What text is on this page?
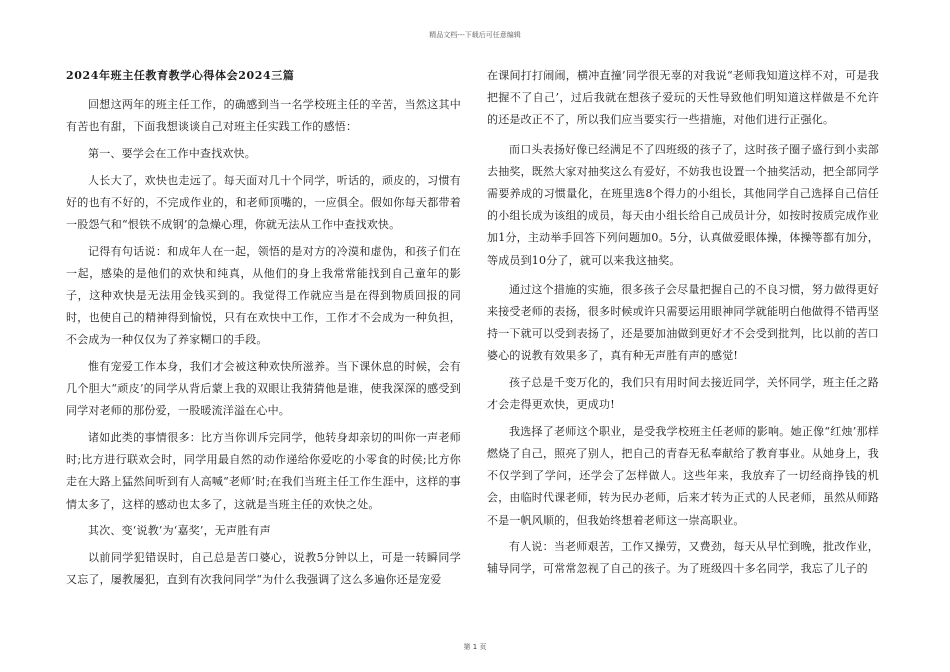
精品文档---下载后可任意编辑

2024年班主任教育教学心得体会2024三篇

回想这两年的班主任工作，的确感到当一名学校班主任的辛苦，当然这其中有苦也有甜，下面我想谈谈自己对班主任实践工作的感悟：

第一、要学会在工作中查找欢快。

人长大了，欢快也走远了。每天面对几十个同学，听话的，顽皮的，习惯有好的也有不好的，不完成作业的，和老师顶嘴的，一应俱全。假如你每天都带着一股怨气和“恨铁不成钢’的急燥心理，你就无法从工作中查找欢快。

记得有句话说：和成年人在一起，领悟的是对方的冷漠和虚伪，和孩子们在一起，感染的是他们的欢快和纯真，从他们的身上我常常能找到自己童年的影子，这种欢快是无法用金钱买到的。我觉得工作就应当是在得到物质回报的同时，也使自己的精神得到愉悦，只有在欢快中工作，工作才不会成为一种负担，不会成为一种仅仅为了养家糊口的手段。

惟有宠爱工作本身，我们才会被这种欢快所滋养。当下课休息的时候，会有几个胆大“顽皮’的同学从背后蒙上我的双眼让我猜猜他是谁，使我深深的感受到同学对老师的那份爱，一股暖流洋溢在心中。

诸如此类的事情很多：比方当你训斥完同学，他转身却亲切的叫你一声老师时;比方进行联欢会时，同学用最自然的动作递给你爱吃的小零食的时侯;比方你走在大路上猛然间听到有人高喊“老师’时;在我们当班主任工作生涯中，这样的事情太多了，这样的感动也太多了，这就是当班主任的欢快之处。

其次、变‘说教’为‘嘉奖’，无声胜有声

以前同学犯错误时，自己总是苦口婆心，说教5分钟以上，可是一转瞬同学又忘了，屡教屡犯，直到有次我问同学“为什么我强调了这么多遍你还是宠爱

在课间打打闹闹，横冲直撞’同学很无辜的对我说“老师我知道这样不对，可是我把握不了自己’，过后我就在想孩子爱玩的天性导致他们明知道这样做是不允许的还是改正不了，所以我们应当要实行一些措施，对他们进行正强化。

而口头表扬好像已经满足不了四班级的孩子了，这时孩子圈子盛行到小卖部去抽奖，既然大家对抽奖这么有爱好，不妨我也设置一个抽奖活动，把全部同学需要养成的习惯量化，在班里选8个得力的小组长，其他同学自己选择自己信任的小组长成为该组的成员，每天由小组长给自己成员计分，如按时按质完成作业加1分，主动举手回答下列问题加0。5分，认真做爱眼体操，体操等都有加分，等成员到10分了，就可以来我这抽奖。

通过这个措施的实施，很多孩子会尽量把握自己的不良习惯，努力做得更好来接受老师的表扬，很多时候或许只需要运用眼神同学就能明白他做得不错再坚持一下就可以受到表扬了，还是要加油做到更好才不会受到批判，比以前的苦口婆心的说教有效果多了，真有种无声胜有声的感觉!

孩子总是千变万化的，我们只有用时间去接近同学，关怀同学，班主任之路才会走得更欢快，更成功!

我选择了老师这个职业，是受我学校班主任老师的影响。她正像“红烛’那样燃烧了自己，照亮了别人，把自己的青春无私奉献给了教育事业。从她身上，我不仅学到了学问，还学会了怎样做人。这些年来，我放弃了一切经商挣钱的机会，由临时代课老师，转为民办老师，后来才转为正式的人民老师，虽然从师路不是一帆风顺的，但我始终想着老师这一崇高职业。

有人说：当老师艰苦，工作又操劳，又费劲，每天从早忙到晚，批改作业，辅导同学，可常常忽视了自己的孩子。为了班级四十多名同学，我忘了儿子的

第 1 页
